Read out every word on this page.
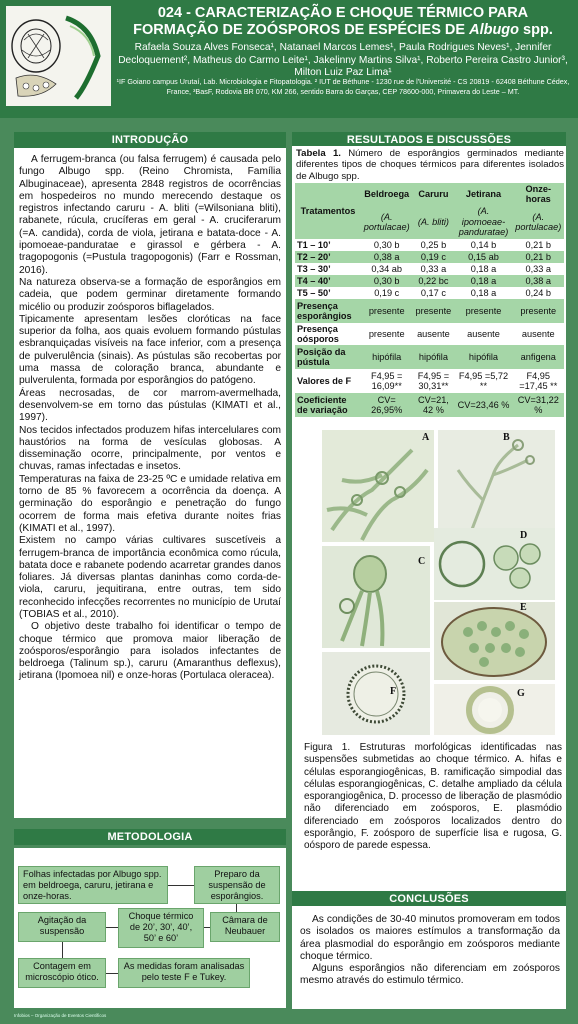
024 - CARACTERIZAÇÃO E CHOQUE TÉRMICO PARA FORMAÇÃO DE ZOÓSPOROS DE ESPÉCIES DE Albugo spp.
Rafaela Souza Alves Fonseca¹, Natanael Marcos Lemes¹, Paula Rodrigues Neves¹, Jennifer Decloquement², Matheus do Carmo Leite¹, Jakelinny Martins Silva¹, Roberto Pereira Castro Junior³, Milton Luiz Paz Lima¹
¹IF Goiano campus Urutaí, Lab. Microbiologia e Fitopatologia. ² IUT de Béthune - 1230 rue de l'Université - CS 20819 - 62408 Béthune Cédex, France, ³BasF, Rodovia BR 070, KM 266, sentido Barra do Garças, CEP 78600-000, Primavera do Leste – MT.
INTRODUÇÃO

A ferrugem-branca (ou falsa ferrugem) é causada pelo fungo Albugo spp. (Reino Chromista, Família Albuginaceae), apresenta 2848 registros de ocorrências em hospedeiros no mundo merecendo destaque os registros infectando caruru - A. bliti (=Wilsoniana bliti), rabanete, rúcula, crucíferas em geral - A. cruciferarum (=A. candida), corda de viola, jetirana e batata-doce - A. ipomoeae-panduratae e girassol e gérbera - A. tragopogonis (=Pustula tragopogonis) (Farr e Rossman, 2016).

Na natureza observa-se a formação de esporângios em cadeia, que podem germinar diretamente formando micélio ou produzir zoósporos biflagelados.

Tipicamente apresentam lesões cloróticas na face superior da folha, aos quais evoluem formando pústulas esbranquiçadas visíveis na face inferior, com a presença de pulverulência (sinais). As pústulas são recobertas por uma massa de coloração branca, abundante e pulverulenta, formada por esporângios do patógeno.

Áreas necrosadas, de cor marrom-avermelhada, desenvolvem-se em torno das pústulas (KIMATI et al., 1997).

Nos tecidos infectados produzem hifas intercelulares com haustórios na forma de vesículas globosas. A disseminação ocorre, principalmente, por ventos e chuvas, ramas infectadas e insetos.

Temperaturas na faixa de 23-25 ºC e umidade relativa em torno de 85 % favorecem a ocorrência da doença. A germinação do esporângio e penetração do fungo ocorrem de forma mais efetiva durante noites frias (KIMATI et al., 1997).

Existem no campo várias cultivares suscetíveis a ferrugem-branca de importância econômica como rúcula, batata doce e rabanete podendo acarretar grandes danos foliares. Já diversas plantas daninhas como corda-de-viola, caruru, jequitirana, entre outras, tem sido reconhecido infecções recorrentes no município de Urutaí (TOBIAS et al., 2010).

O objetivo deste trabalho foi identificar o tempo de choque térmico que promova maior liberação de zoósporos/esporângio para isolados infectantes de beldroega (Talinum sp.), caruru (Amaranthus deflexus), jetirana (Ipomoea nil) e onze-horas (Portulaca oleracea).

METODOLOGIA
Folhas infectadas por Albugo spp. em beldroega, caruru, jetirana e onze-horas.
Preparo da suspensão de esporângios.
Agitação da suspensão
Choque térmico de 20’, 30’, 40’, 50’ e 60’
Câmara de Neubauer
Contagem em microscópio ótico.
As medidas foram analisadas pelo teste F e Tukey.
Infobios – Organização de Eventos Científicos
RESULTADOS E DISCUSSÕES
Tabela 1. Número de esporângios germinados mediante diferentes tipos de choques térmicos para diferentes isolados de Albugo spp.
Tratamentos	Beldroega	Caruru	Jetirana	Onze-horas
	(A. portulacae)	(A. bliti)	(A. ipomoeae-panduratae)	(A. portulacae)
T1 – 10’	0,30 b	0,25 b	0,14 b	0,21 b
T2 – 20’	0,38 a	0,19 c	0,15 ab	0,21 b
T3 – 30’	0,34 ab	0,33 a	0,18 a	0,33 a
T4 – 40’	0,30 b	0,22 bc	0,18 a	0,38 a
T5 – 50’	0,19 c	0,17 c	0,18 a	0,24 b
Presença esporângios	presente	presente	presente	presente
Presença oósporos	presente	ausente	ausente	ausente
Posição da pústula	hipófila	hipófila	hipófila	anfigena
Valores de F	F4,95 = 16,09**	F4,95 = 30,31**	F4,95 =5,72 **	F4,95 =17,45 **
Coeficiente de variação	CV= 26,95%	CV=21, 42 %	CV=23,46 %	CV=31,22 %
Figura 1. Estruturas morfológicas identificadas nas suspensões submetidas ao choque térmico. A. hifas e células esporangiogênicas, B. ramificação simpodial das células esporangiogênicas, C. detalhe ampliado da célula esporangiogênica, D. processo de liberação de plasmódio não diferenciado em zoósporos, E. plasmódio diferenciado em zoósporos localizados dentro do esporângio, F. zoósporo de superfície lisa e rugosa, G. oósporo de parede espessa.
A	B
C
D
E
F	G
CONCLUSÕES

As condições de 30-40 minutos promoveram em todos os isolados os maiores estímulos a transformação da área plasmodial do esporângio em zoósporos mediante choque térmico.

Alguns esporângios não diferenciam em zoósporos mesmo através do estimulo térmico.
